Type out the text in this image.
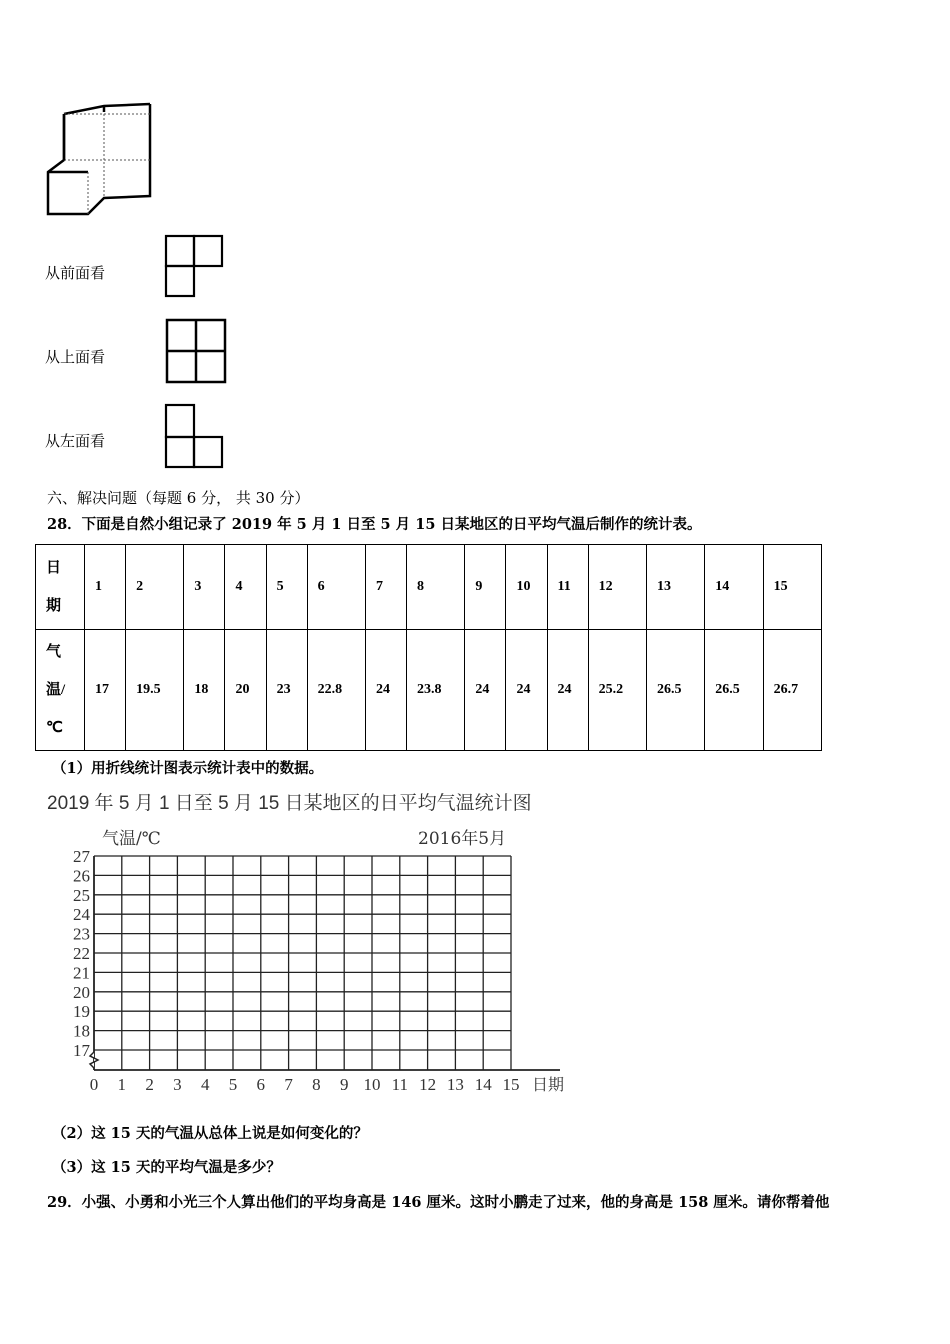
从前面看
从上面看
从左面看
六、解决问题（每题 6 分， 共 30 分）
28．下面是自然小组记录了 2019 年 5 月 1 日至 5 月 15 日某地区的日平均气温后制作的统计表。
日
期	1	2	3	4	5	6	7	8	9	10	11	12	13	14	15

气
温/
℃	17	19.5	18	20	23	22.8	24	23.8	24	24	24	25.2	26.5	26.5	26.7
（1）用折线统计图表示统计表中的数据。
2019 年 5 月 1 日至 5 月 15 日某地区的日平均气温统计图
气温/℃	2016年5月
日期
17
18
19
20
21
22
23
24
25
26
27
0 1 2 3 4 5 6 7 8 9 10 11 12 13 14 15
（2）这 15 天的气温从总体上说是如何变化的？
（3）这 15 天的平均气温是多少？
29．小强、小勇和小光三个人算出他们的平均身高是 146 厘米。这时小鹏走了过来，他的身高是 158 厘米。请你帮着他
